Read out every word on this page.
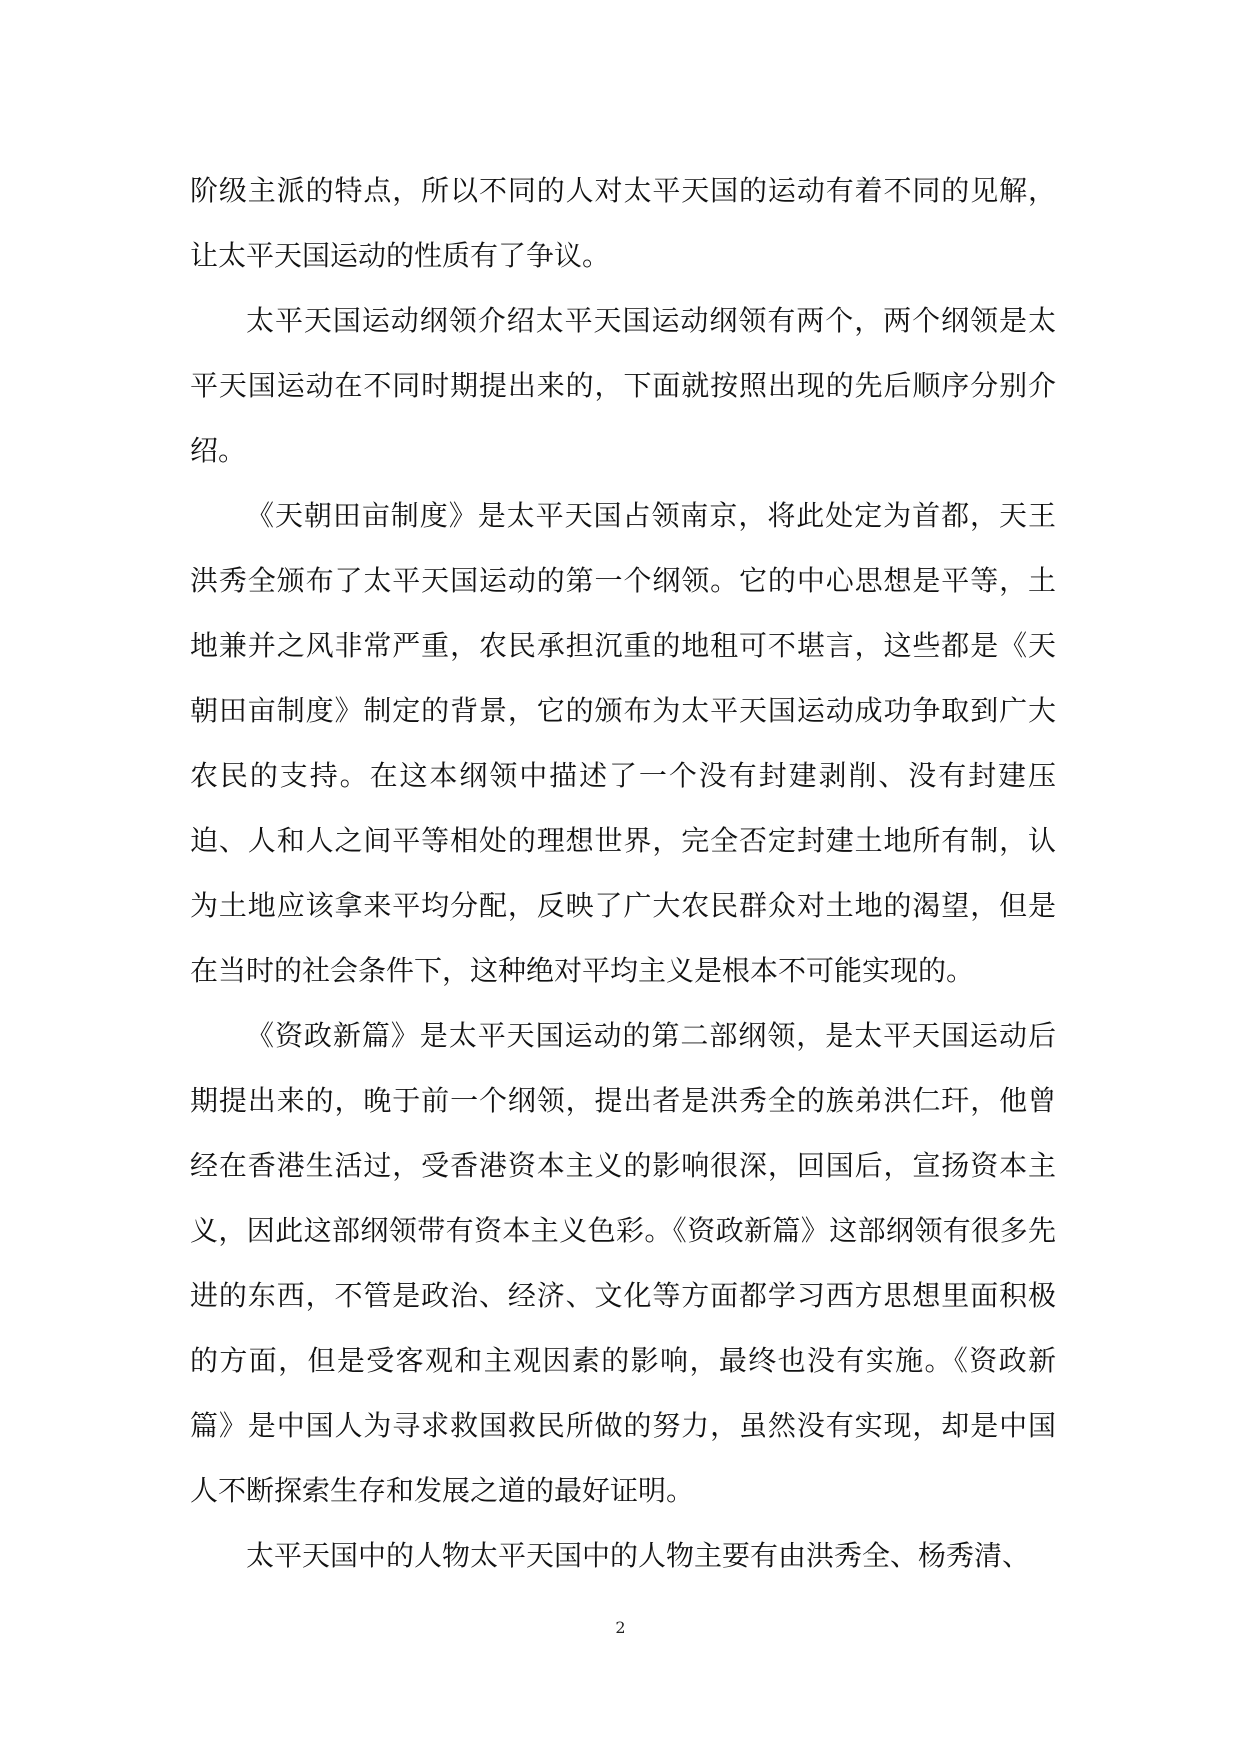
阶级主派的特点，所以不同的人对太平天国的运动有着不同的见解，让太平天国运动的性质有了争议。

太平天国运动纲领介绍太平天国运动纲领有两个，两个纲领是太平天国运动在不同时期提出来的，下面就按照出现的先后顺序分别介绍。

《天朝田亩制度》是太平天国占领南京，将此处定为首都，天王洪秀全颁布了太平天国运动的第一个纲领。它的中心思想是平等，土地兼并之风非常严重，农民承担沉重的地租可不堪言，这些都是《天朝田亩制度》制定的背景，它的颁布为太平天国运动成功争取到广大农民的支持。在这本纲领中描述了一个没有封建剥削、没有封建压迫、人和人之间平等相处的理想世界，完全否定封建土地所有制，认为土地应该拿来平均分配，反映了广大农民群众对土地的渴望，但是在当时的社会条件下，这种绝对平均主义是根本不可能实现的。

《资政新篇》是太平天国运动的第二部纲领，是太平天国运动后期提出来的，晚于前一个纲领，提出者是洪秀全的族弟洪仁玕，他曾经在香港生活过，受香港资本主义的影响很深，回国后，宣扬资本主义，因此这部纲领带有资本主义色彩。《资政新篇》这部纲领有很多先进的东西，不管是政治、经济、文化等方面都学习西方思想里面积极的方面，但是受客观和主观因素的影响，最终也没有实施。《资政新篇》是中国人为寻求救国救民所做的努力，虽然没有实现，却是中国人不断探索生存和发展之道的最好证明。

太平天国中的人物太平天国中的人物主要有由洪秀全、杨秀清、

2
